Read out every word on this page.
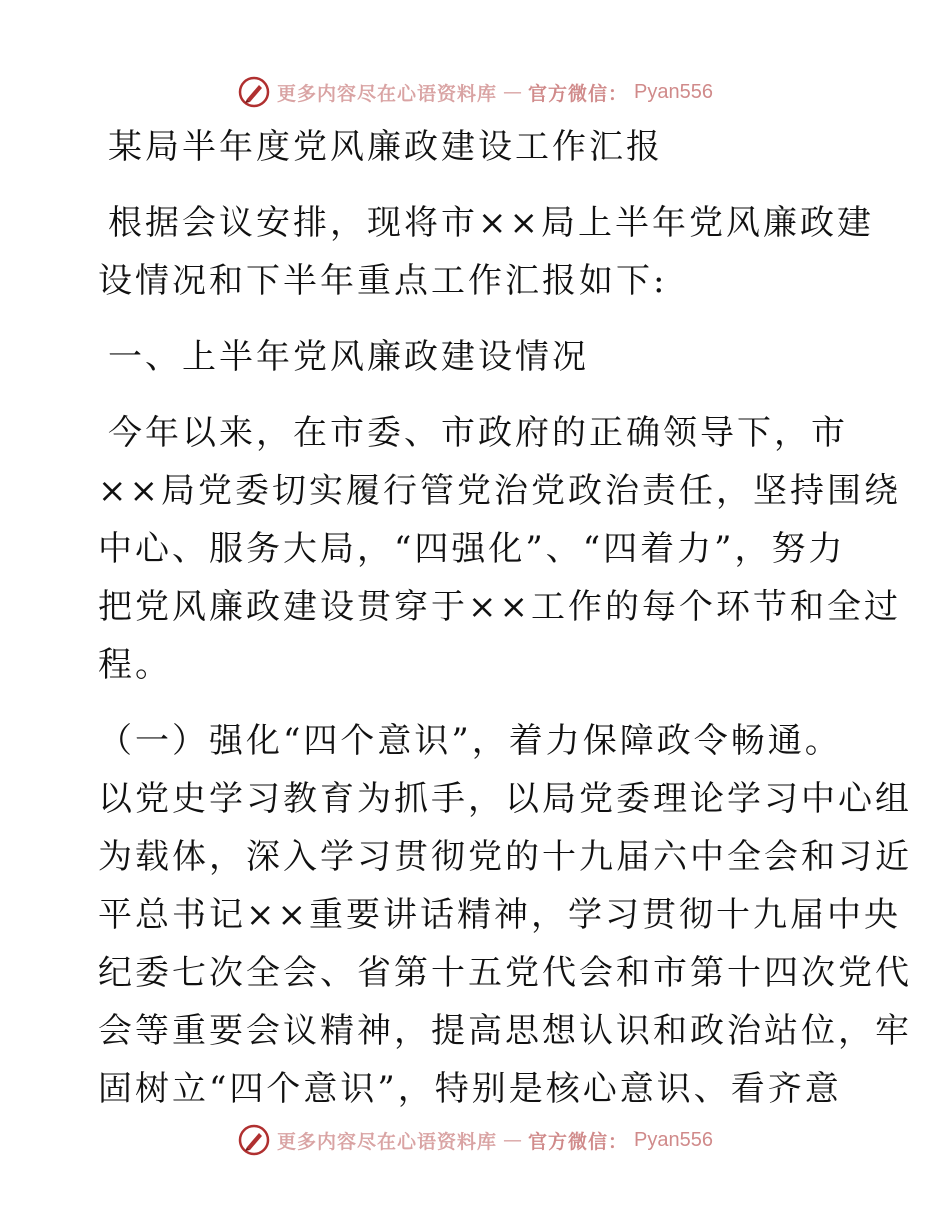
更多内容尽在心语资料库 — 官方微信： Pyan556
某局半年度党风廉政建设工作汇报
根据会议安排，现将市××局上半年党风廉政建
设情况和下半年重点工作汇报如下:
一、上半年党风廉政建设情况
今年以来，在市委、市政府的正确领导下，市
××局党委切实履行管党治党政治责任，坚持围绕
中心、服务大局，“四强化”、“四着力”，努力
把党风廉政建设贯穿于××工作的每个环节和全过
程。
（一）强化“四个意识”，着力保障政令畅通。
以党史学习教育为抓手，以局党委理论学习中心组
为载体，深入学习贯彻党的十九届六中全会和习近
平总书记××重要讲话精神，学习贯彻十九届中央
纪委七次全会、省第十五党代会和市第十四次党代
会等重要会议精神，提高思想认识和政治站位，牢
固树立“四个意识”，特别是核心意识、看齐意
更多内容尽在心语资料库 — 官方微信： Pyan556
